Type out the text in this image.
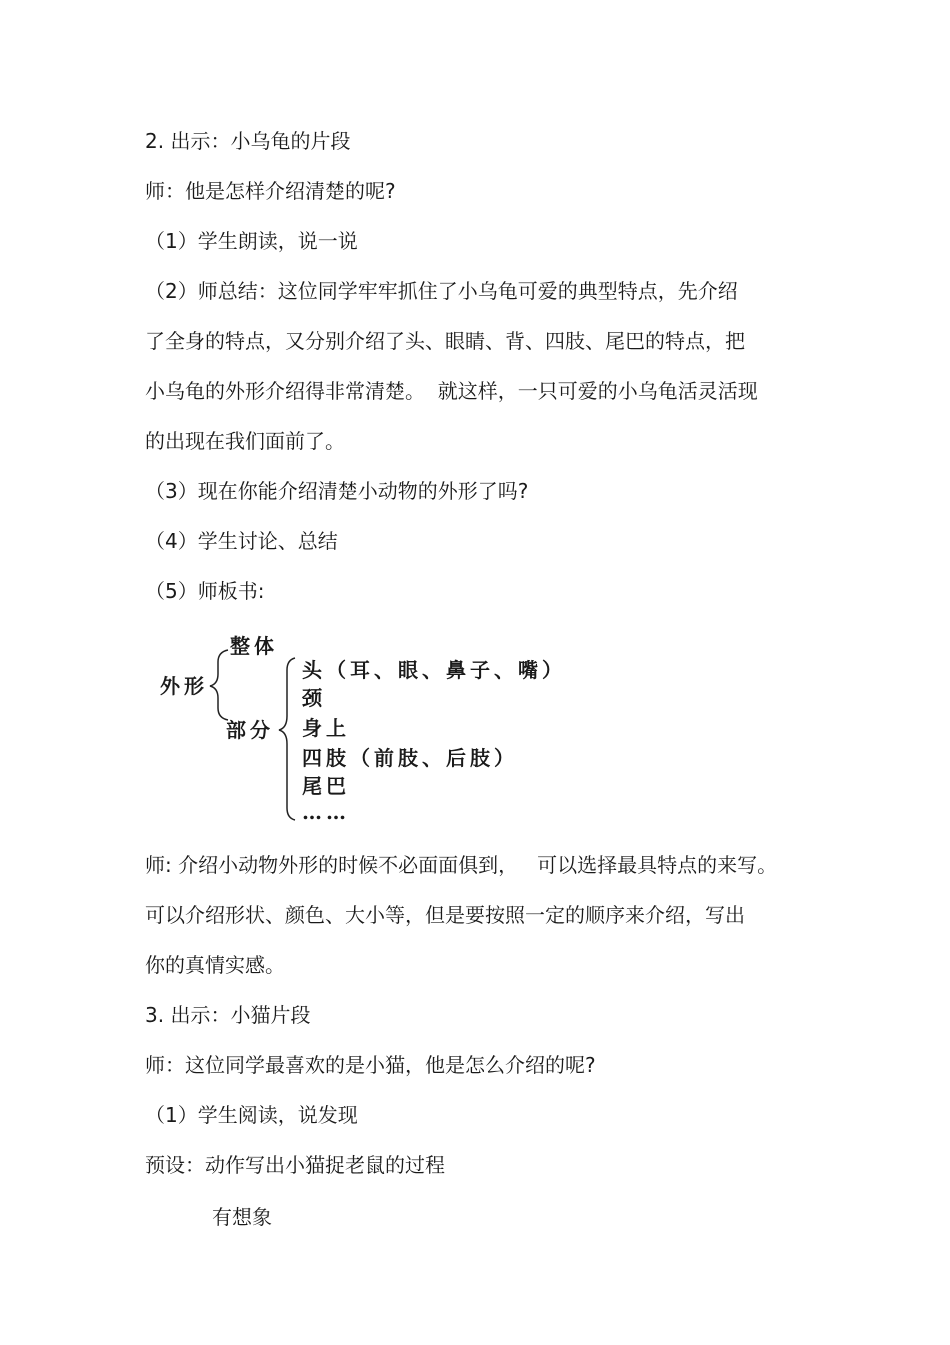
2. 出示：小乌龟的片段
师：他是怎样介绍清楚的呢?
（1）学生朗读，说一说
（2）师总结：这位同学牢牢抓住了小乌龟可爱的典型特点，先介绍
了全身的特点，又分别介绍了头、眼睛、背、四肢、尾巴的特点，把
小乌龟的外形介绍得非常清楚。  就这样，一只可爱的小乌龟活灵活现
的出现在我们面前了。
（3）现在你能介绍清楚小动物的外形了吗?
（4）学生讨论、总结
（5）师板书:
外形
整体
部分
头（耳、眼、鼻子、嘴）
颈
身上
四肢（前肢、后肢）
尾巴
……
师: 介绍小动物外形的时候不必面面俱到，   可以选择最具特点的来写。
可以介绍形状、颜色、大小等，但是要按照一定的顺序来介绍，写出
你的真情实感。
3. 出示：小猫片段
师：这位同学最喜欢的是小猫，他是怎么介绍的呢?
（1）学生阅读，说发现
预设：动作写出小猫捉老鼠的过程
有想象
